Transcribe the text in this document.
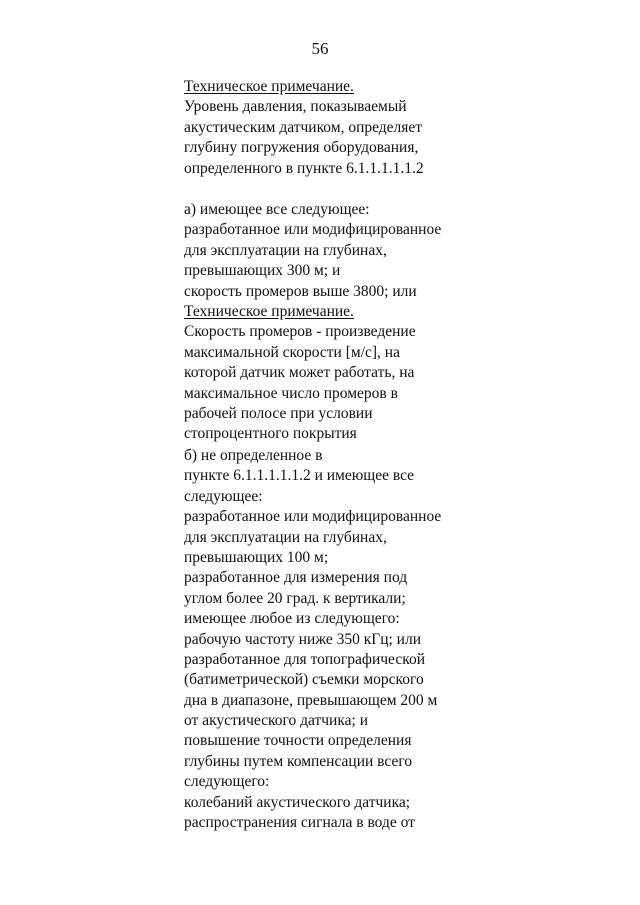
56
Техническое примечание.
Уровень давления, показываемый
акустическим датчиком, определяет
глубину погружения оборудования,
определенного в пункте 6.1.1.1.1.1.2
а) имеющее все следующее:
разработанное или модифицированное
для эксплуатации на глубинах,
превышающих 300 м; и
скорость промеров выше 3800; или
Техническое примечание.
Скорость промеров - произведение
максимальной скорости [м/с], на
которой датчик может работать, на
максимальное число промеров в
рабочей полосе при условии
стопроцентного покрытия
б) не определенное в
пункте 6.1.1.1.1.1.2 и имеющее все
следующее:
разработанное или модифицированное
для эксплуатации на глубинах,
превышающих 100 м;
разработанное для измерения под
углом более 20 град. к вертикали;
имеющее любое из следующего:
рабочую частоту ниже 350 кГц; или
разработанное для топографической
(батиметрической) съемки морского
дна в диапазоне, превышающем 200 м
от акустического датчика; и
повышение точности определения
глубины путем компенсации всего
следующего:
колебаний акустического датчика;
распространения сигнала в воде от
